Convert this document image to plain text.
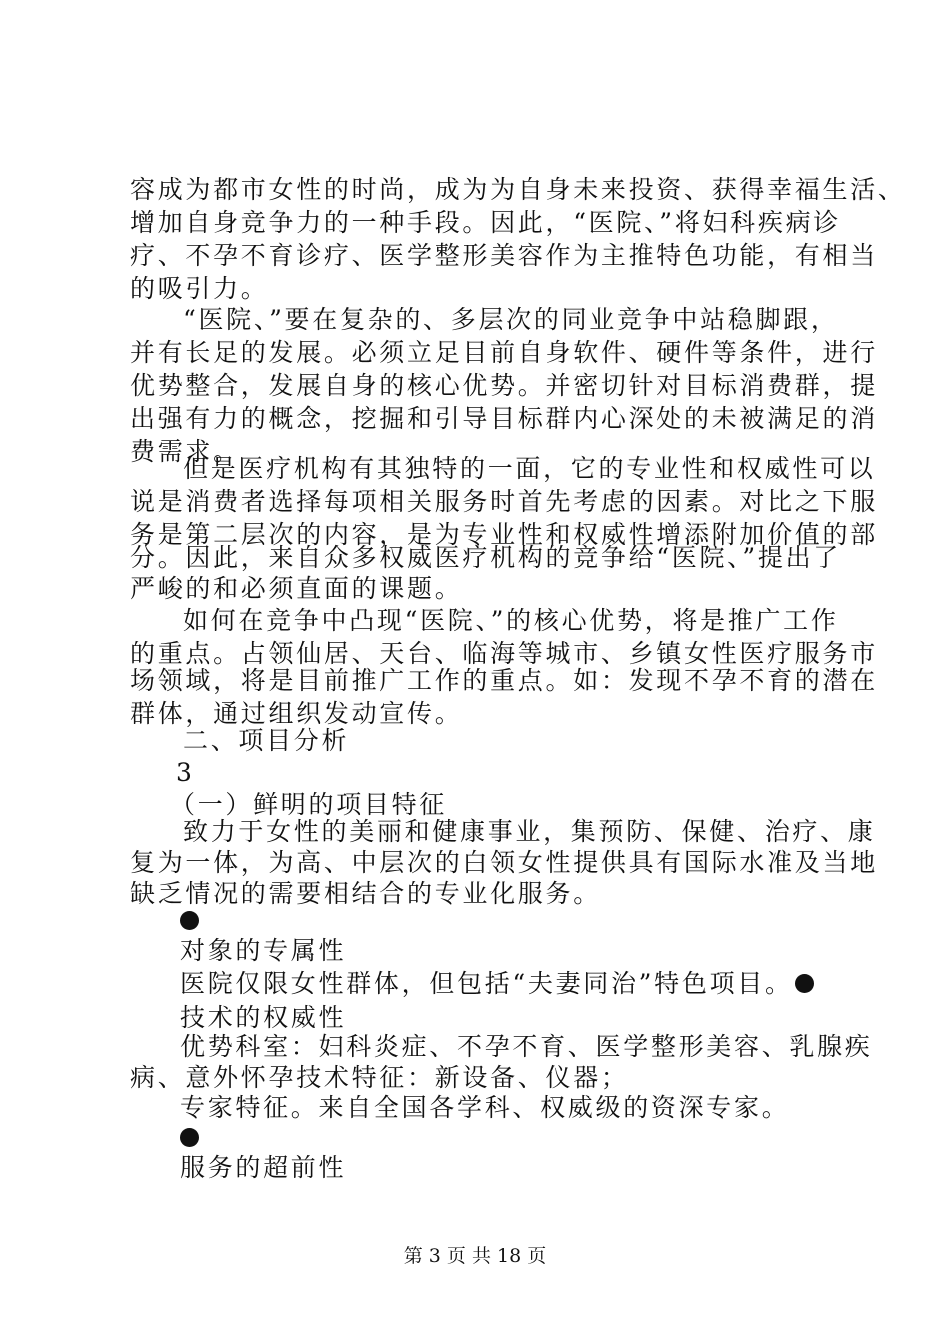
容成为都市女性的时尚，成为为自身未来投资、获得幸福生活、
增加自身竞争力的一种手段。因此，“医院、”将妇科疾病诊
疗、不孕不育诊疗、医学整形美容作为主推特色功能，有相当
的吸引力。
“医院、”要在复杂的、多层次的同业竞争中站稳脚跟，
并有长足的发展。必须立足目前自身软件、硬件等条件，进行
优势整合，发展自身的核心优势。并密切针对目标消费群，提
出强有力的概念，挖掘和引导目标群内心深处的未被满足的消
费需求。
但是医疗机构有其独特的一面，它的专业性和权威性可以
说是消费者选择每项相关服务时首先考虑的因素。对比之下服
务是第二层次的内容，是为专业性和权威性增添附加价值的部
分。因此，来自众多权威医疗机构的竞争给“医院、”提出了
严峻的和必须直面的课题。
如何在竞争中凸现“医院、”的核心优势，将是推广工作
的重点。占领仙居、天台、临海等城市、乡镇女性医疗服务市
场领域，将是目前推广工作的重点。如：发现不孕不育的潜在
群体，通过组织发动宣传。
二、项目分析
3
（一）鲜明的项目特征
致力于女性的美丽和健康事业，集预防、保健、治疗、康
复为一体，为高、中层次的白领女性提供具有国际水准及当地
缺乏情况的需要相结合的专业化服务。
对象的专属性
医院仅限女性群体，但包括“夫妻同治”特色项目。
技术的权威性
优势科室：妇科炎症、不孕不育、医学整形美容、乳腺疾
病、意外怀孕技术特征：新设备、仪器；
专家特征。来自全国各学科、权威级的资深专家。
服务的超前性
第 3 页 共 18 页
